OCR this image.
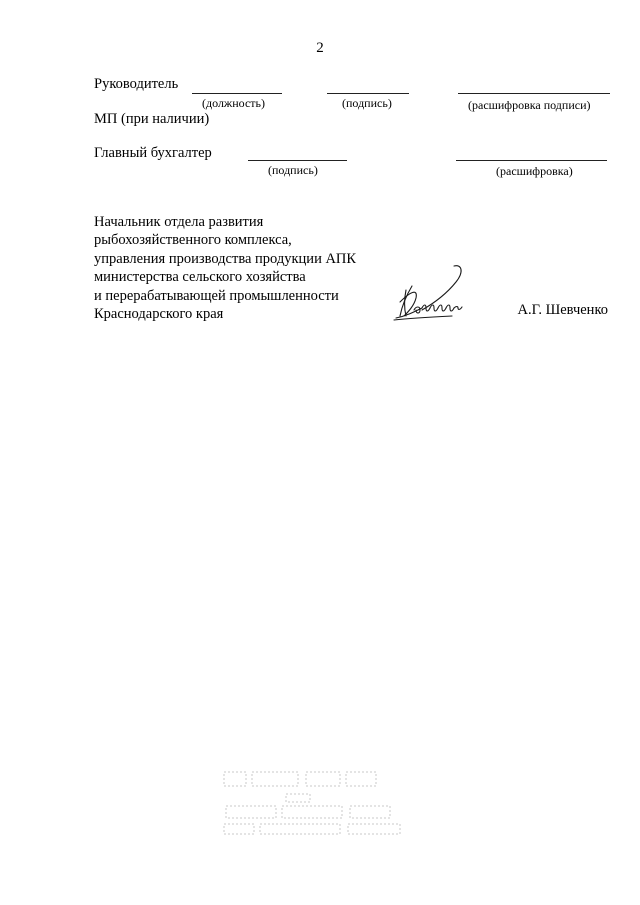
2
Руководитель
(должность)	(подпись)	(расшифровка подписи)
МП (при наличии)
Главный бухгалтер
(подпись)	(расшифровка)
Начальник отдела развития
рыбохозяйственного комплекса,
управления производства продукции АПК
министерства сельского хозяйства
и перерабатывающей промышленности
Краснодарского края	А.Г. Шевченко
